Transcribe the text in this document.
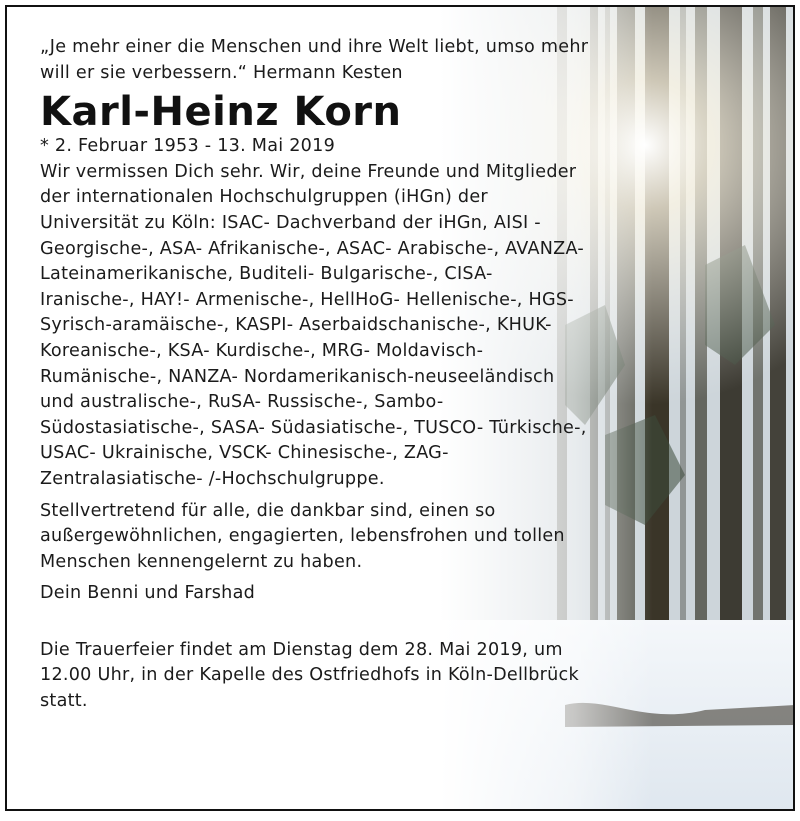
„Je mehr einer die Menschen und ihre Welt liebt, umso mehr will er sie verbessern.“ Hermann Kesten

Karl-Heinz Korn

* 2. Februar 1953 - 13. Mai 2019

Wir vermissen Dich sehr. Wir, deine Freunde und Mitglieder der internationalen Hochschulgruppen (iHGn) der Universität zu Köln: ISAC- Dachverband der iHGn, AISI - Georgische-, ASA- Afrikanische-, ASAC- Arabische-, AVANZA- Lateinamerikanische, Buditeli- Bulgarische-, CISA- Iranische-, HAY!- Armenische-, HellHoG- Hellenische-, HGS- Syrisch-aramäische-, KASPI- Aserbaidschanische-, KHUK- Koreanische-, KSA- Kurdische-, MRG- Moldavisch-Rumänische-, NANZA- Nordamerikanisch-neuseeländisch und australische-, RuSA- Russische-, Sambo- Südostasiatische-, SASA- Südasiatische-, TUSCO- Türkische-, USAC- Ukrainische, VSCK- Chinesische-, ZAG- Zentralasiatische- /-Hochschulgruppe.

Stellvertretend für alle, die dankbar sind, einen so außergewöhnlichen, engagierten, lebensfrohen und tollen Menschen kennengelernt zu haben.

Dein Benni und Farshad

Die Trauerfeier findet am Dienstag dem 28. Mai 2019, um 12.00 Uhr, in der Kapelle des Ostfriedhofs in Köln-Dellbrück statt.
